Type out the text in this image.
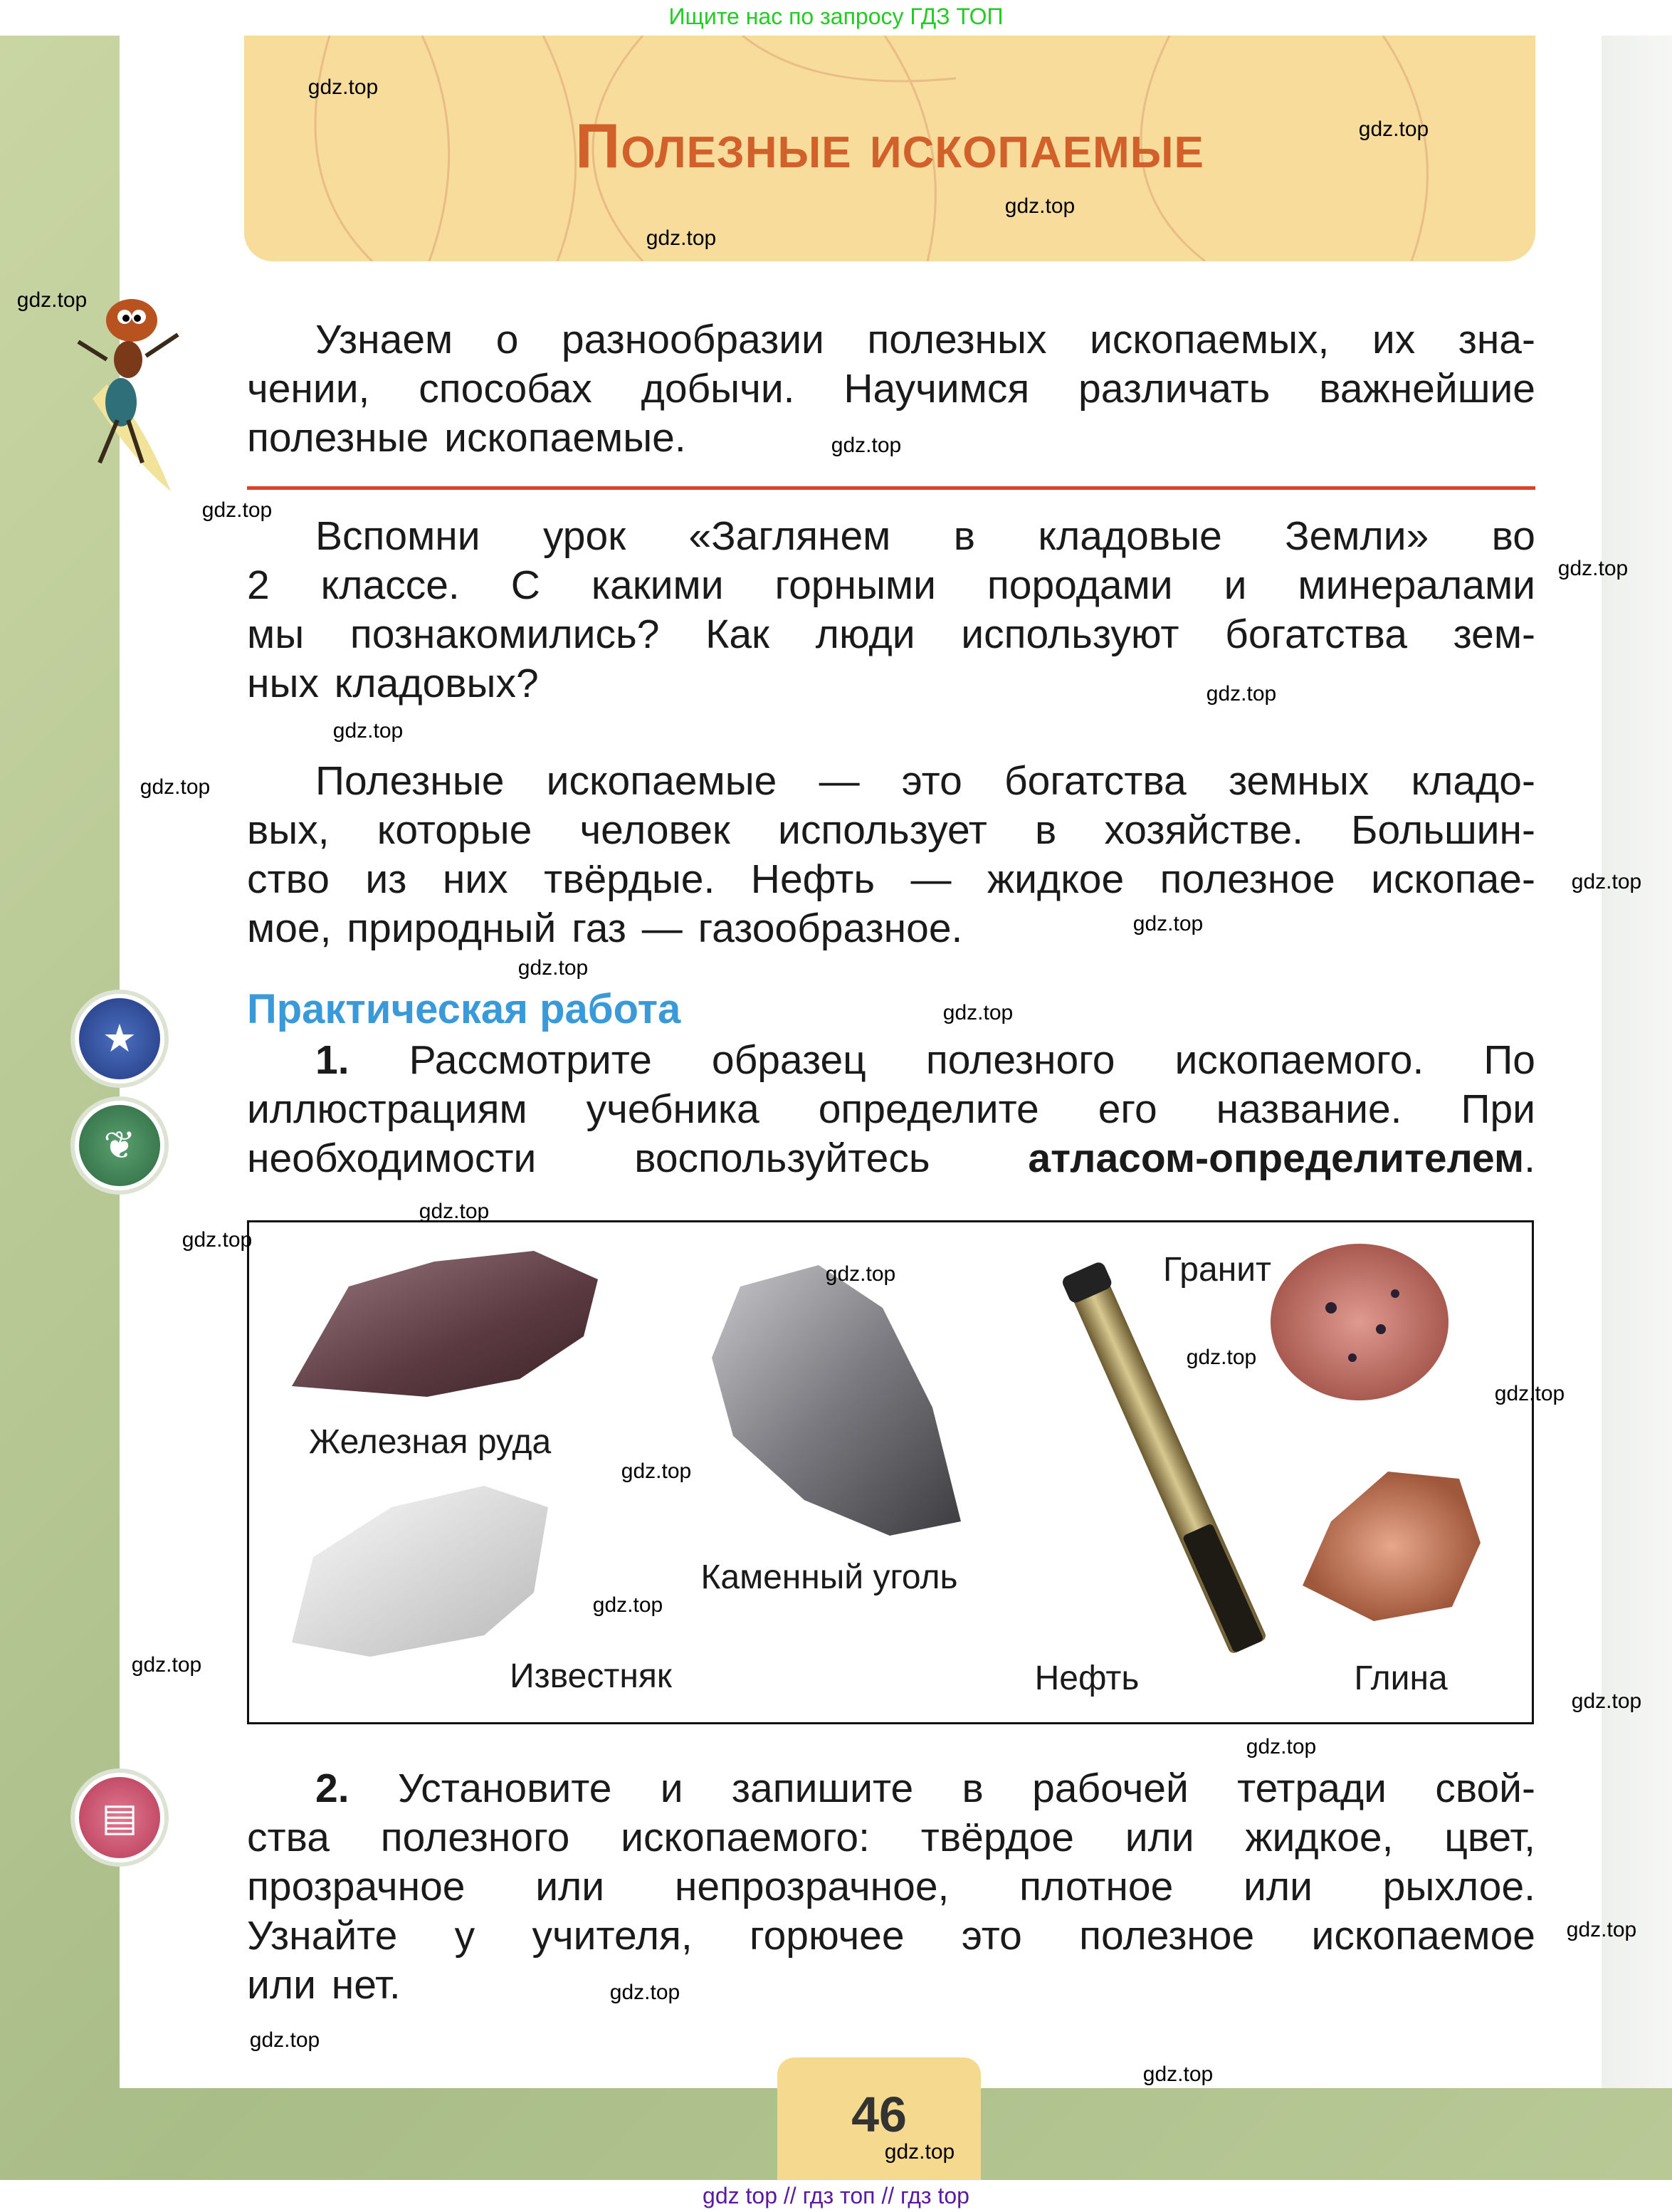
Ищите нас по запросу ГДЗ ТОП
Полезные ископаемые
Узнаем о разнообразии полезных ископаемых, их зна-
чении, способах добычи. Научимся различать важнейшие
полезные ископаемые.
Вспомни урок «Заглянем в кладовые Земли» во
2 классе. С какими горными породами и минералами
мы познакомились? Как люди используют богатства зем-
ных кладовых?
Полезные ископаемые — это богатства земных кладо-
вых, которые человек использует в хозяйстве. Большин-
ство из них твёрдые. Нефть — жидкое полезное ископае-
мое, природный газ — газообразное.
Практическая работа
1. Рассмотрите образец полезного ископаемого. По
иллюстрациям учебника определите его название. При
необходимости воспользуйтесь атласом-определителем.
Железная руда
Каменный уголь
Гранит
Известняк	Нефть	Глина
2. Установите и запишите в рабочей тетради свой-
ства полезного ископаемого: твёрдое или жидкое, цвет,
прозрачное или непрозрачное, плотное или рыхлое.
Узнайте у учителя, горючее это полезное ископаемое
или нет.
★
❦
▤
46
gdz top // гдз топ // гдз top
gdz.top
gdz.top
gdz.top
gdz.top
gdz.top
gdz.top
gdz.top
gdz.top
gdz.top
gdz.top
gdz.top
gdz.top
gdz.top
gdz.top
gdz.top
gdz.top
gdz.top
gdz.top
gdz.top
gdz.top
gdz.top
gdz.top
gdz.top
gdz.top
gdz.top
gdz.top
gdz.top
gdz.top
gdz.top
gdz.top
